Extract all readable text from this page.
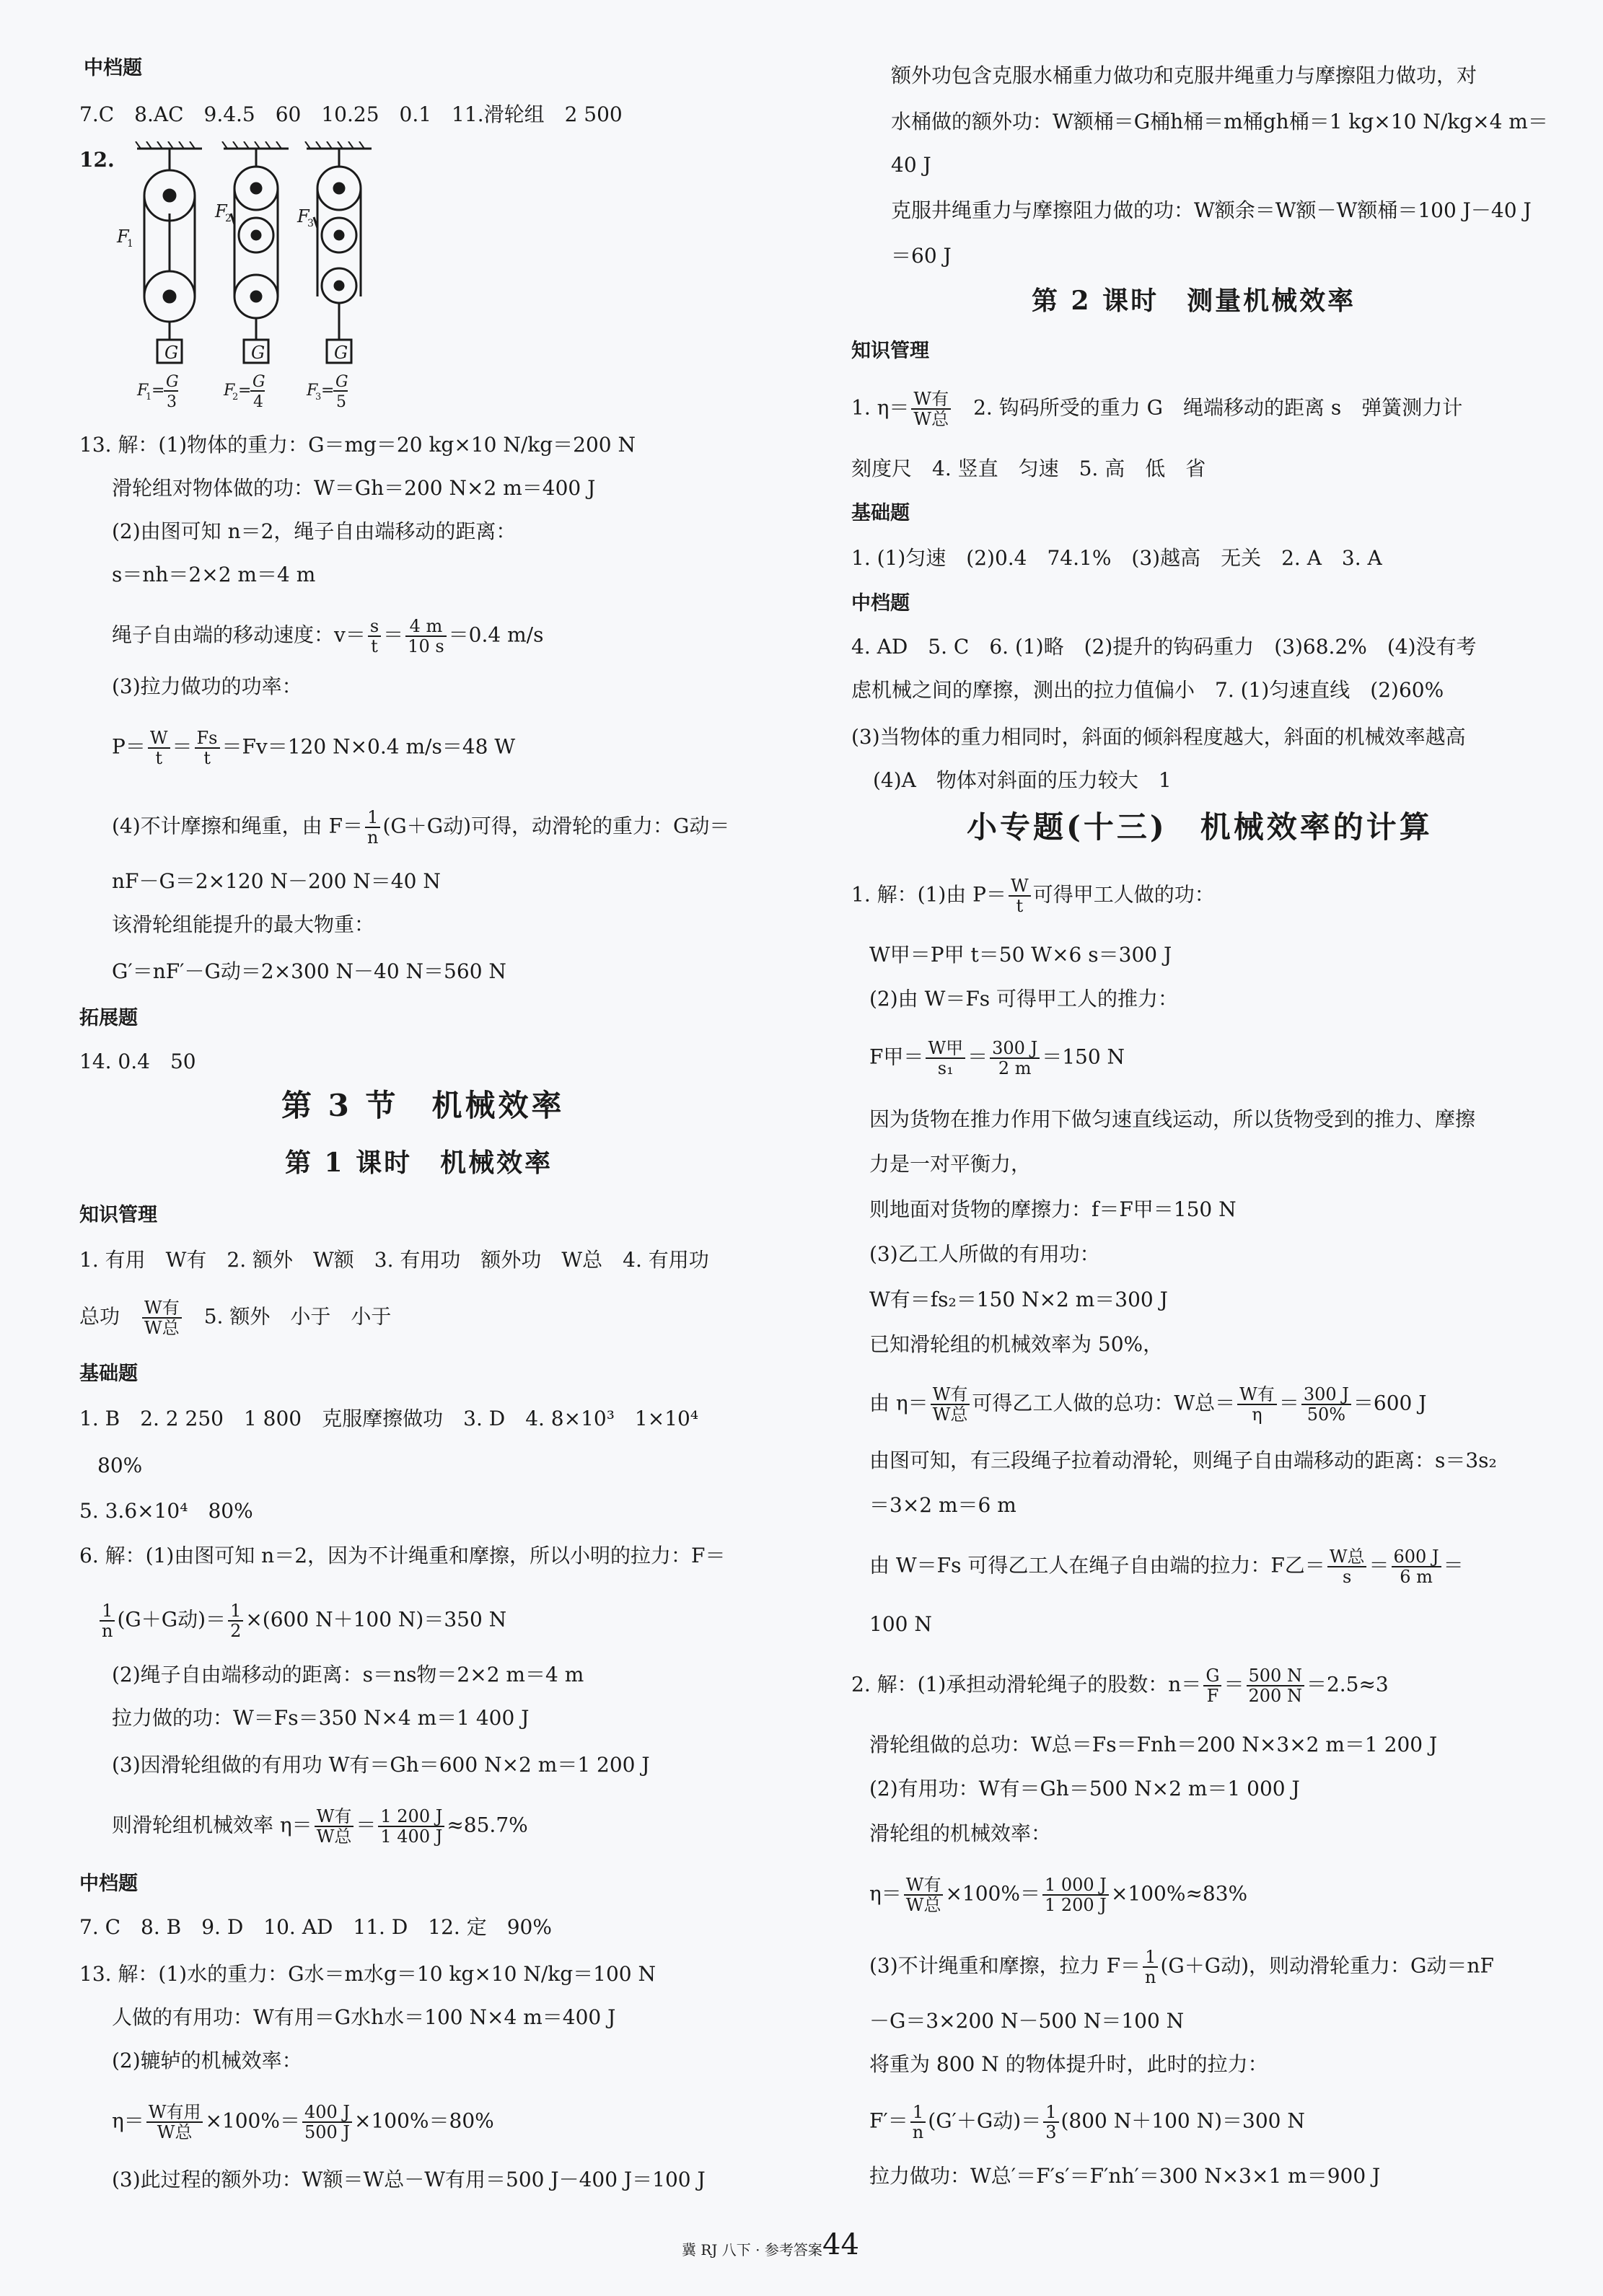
中档题
7.C　8.AC　9.4.5　60　10.25　0.1　11.滑轮组　2 500
12.
G	G	G
F
1
F
2	F
3
F
1 = G
3
F
2 = G
4
F
3 = G
5
13. 解：(1)物体的重力：G＝mg＝20 kg×10 N/kg＝200 N
滑轮组对物体做的功：W＝Gh＝200 N×2 m＝400 J
(2)由图可知 n＝2，绳子自由端移动的距离：
s＝nh＝2×2 m＝4 m
绳子自由端的移动速度：$v= \frac{s}{t} = \frac{4 m}{10 s} =0.4$ m/s
(3)拉力做功的功率：
$P= \frac{W}{t} = \frac{Fs}{t} =Fv=120$ N×0.4 m/s＝48 W
(4)不计摩擦和绳重，由 $F= \frac{1}{n} (G+G$动)可得，动滑轮的重力：G动＝
nF－G＝2×120 N－200 N＝40 N
该滑轮组能提升的最大物重：
G′＝nF′－G动＝2×300 N－40 N＝560 N
拓展题
14. 0.4　50
第 3 节　机械效率
第 1 课时　机械效率
知识管理
1. 有用　W有　2. 额外　W额　3. 有用功　额外功　W总　4. 有用功
总功　 $\frac{\text{W有}}{\text{W总}}$
　 5. 额外　小于　小于
基础题
1. B　2. 2 250　1 800　克服摩擦做功　3. D　4. 8×10³　1×10⁴
80%
5. 3.6×10⁴　80%
6. 解：(1)由图可知 n＝2，因为不计绳重和摩擦，所以小明的拉力：F＝
$\frac{1}{n} (G+G$动)＝ $\frac{1}{2} \times(600$ N＋100 N)＝350 N
(2)绳子自由端移动的距离：s＝ns物＝2×2 m＝4 m
拉力做的功：W＝Fs＝350 N×4 m＝1 400 J
(3)因滑轮组做的有用功 W有＝Gh＝600 N×2 m＝1 200 J
则滑轮组机械效率 $\eta= \frac{\text{W有}}{\text{W总}} = \frac{1 200 J}{1 400 J} \approx 85.7\%$
中档题
7. C　8. B　9. D　10. AD　11. D　12. 定　90%
13. 解：(1)水的重力：G水＝m水g＝10 kg×10 N/kg＝100 N
人做的有用功：W有用＝G水h水＝100 N×4 m＝400 J
(2)辘轳的机械效率：
$\eta= \frac{\text{W有用}}{\text{W总}} \times 100\%= \frac{400 J}{500 J} \times 100\%=80\%$
(3)此过程的额外功：W额＝W总－W有用＝500 J－400 J＝100 J
额外功包含克服水桶重力做功和克服井绳重力与摩擦阻力做功，对
水桶做的额外功：W额桶＝G桶h桶＝m桶gh桶＝1 kg×10 N/kg×4 m＝
40 J
克服井绳重力与摩擦阻力做的功：W额余＝W额－W额桶＝100 J－40 J
＝60 J
第 2 课时　测量机械效率
知识管理
1. $\eta= \frac{\text{W有}}{\text{W总}}$
　 2. 钩码所受的重力 G　绳端移动的距离 s　弹簧测力计
刻度尺　4. 竖直　匀速　5. 高　低　省
基础题
1. (1)匀速　(2)0.4　74.1%　(3)越高　无关　2. A　3. A
中档题
4. AD　5. C　6. (1)略　(2)提升的钩码重力　(3)68.2%　(4)没有考
虑机械之间的摩擦，测出的拉力值偏小　7. (1)匀速直线　(2)60%
(3)当物体的重力相同时，斜面的倾斜程度越大，斜面的机械效率越高
(4)A　物体对斜面的压力较大　1
小专题(十三)　机械效率的计算
1. 解：(1)由 $P= \frac{W}{t}$ 可得甲工人做的功：
W甲＝P甲 t＝50 W×6 s＝300 J
(2)由 W＝Fs 可得甲工人的推力：
F甲＝ $\frac{\text{W甲}}{\text{s₁}} = \frac{300 J}{2 m} =150$ N
因为货物在推力作用下做匀速直线运动，所以货物受到的推力、摩擦
力是一对平衡力，
则地面对货物的摩擦力：f＝F甲＝150 N
(3)乙工人所做的有用功：
W有＝fs₂＝150 N×2 m＝300 J
已知滑轮组的机械效率为 50%，
由 $\eta= \frac{\text{W有}}{\text{W总}}$ 可得乙工人做的总功：W总＝ $\frac{\text{W有}}{\eta} = \frac{300 J}{50\%} =600$ J
由图可知，有三段绳子拉着动滑轮，则绳子自由端移动的距离：s＝3s₂
＝3×2 m＝6 m
由 W＝Fs 可得乙工人在绳子自由端的拉力：F乙＝ $\frac{\text{W总}}{s} = \frac{600 J}{6 m}$ ＝
100 N
2. 解：(1)承担动滑轮绳子的股数：$n= \frac{G}{F} = \frac{500 N}{200 N} =2.5\approx 3$
滑轮组做的总功：W总＝Fs＝Fnh＝200 N×3×2 m＝1 200 J
(2)有用功：W有＝Gh＝500 N×2 m＝1 000 J
滑轮组的机械效率：
$\eta= \frac{\text{W有}}{\text{W总}} \times 100\%= \frac{1 000 J}{1 200 J} \times 100\%\approx 83\%$
(3)不计绳重和摩擦，拉力 $F= \frac{1}{n} (G+G$动)，则动滑轮重力：G动＝nF
－G＝3×200 N－500 N＝100 N
将重为 800 N 的物体提升时，此时的拉力：
$F'= \frac{1}{n} (G'+G$动)＝ $\frac{1}{3} (800$ N＋100 N)＝300 N
拉力做功：W总′＝F′s′＝F′nh′＝300 N×3×1 m＝900 J
冀 RJ 八下 · 参考答案 44
